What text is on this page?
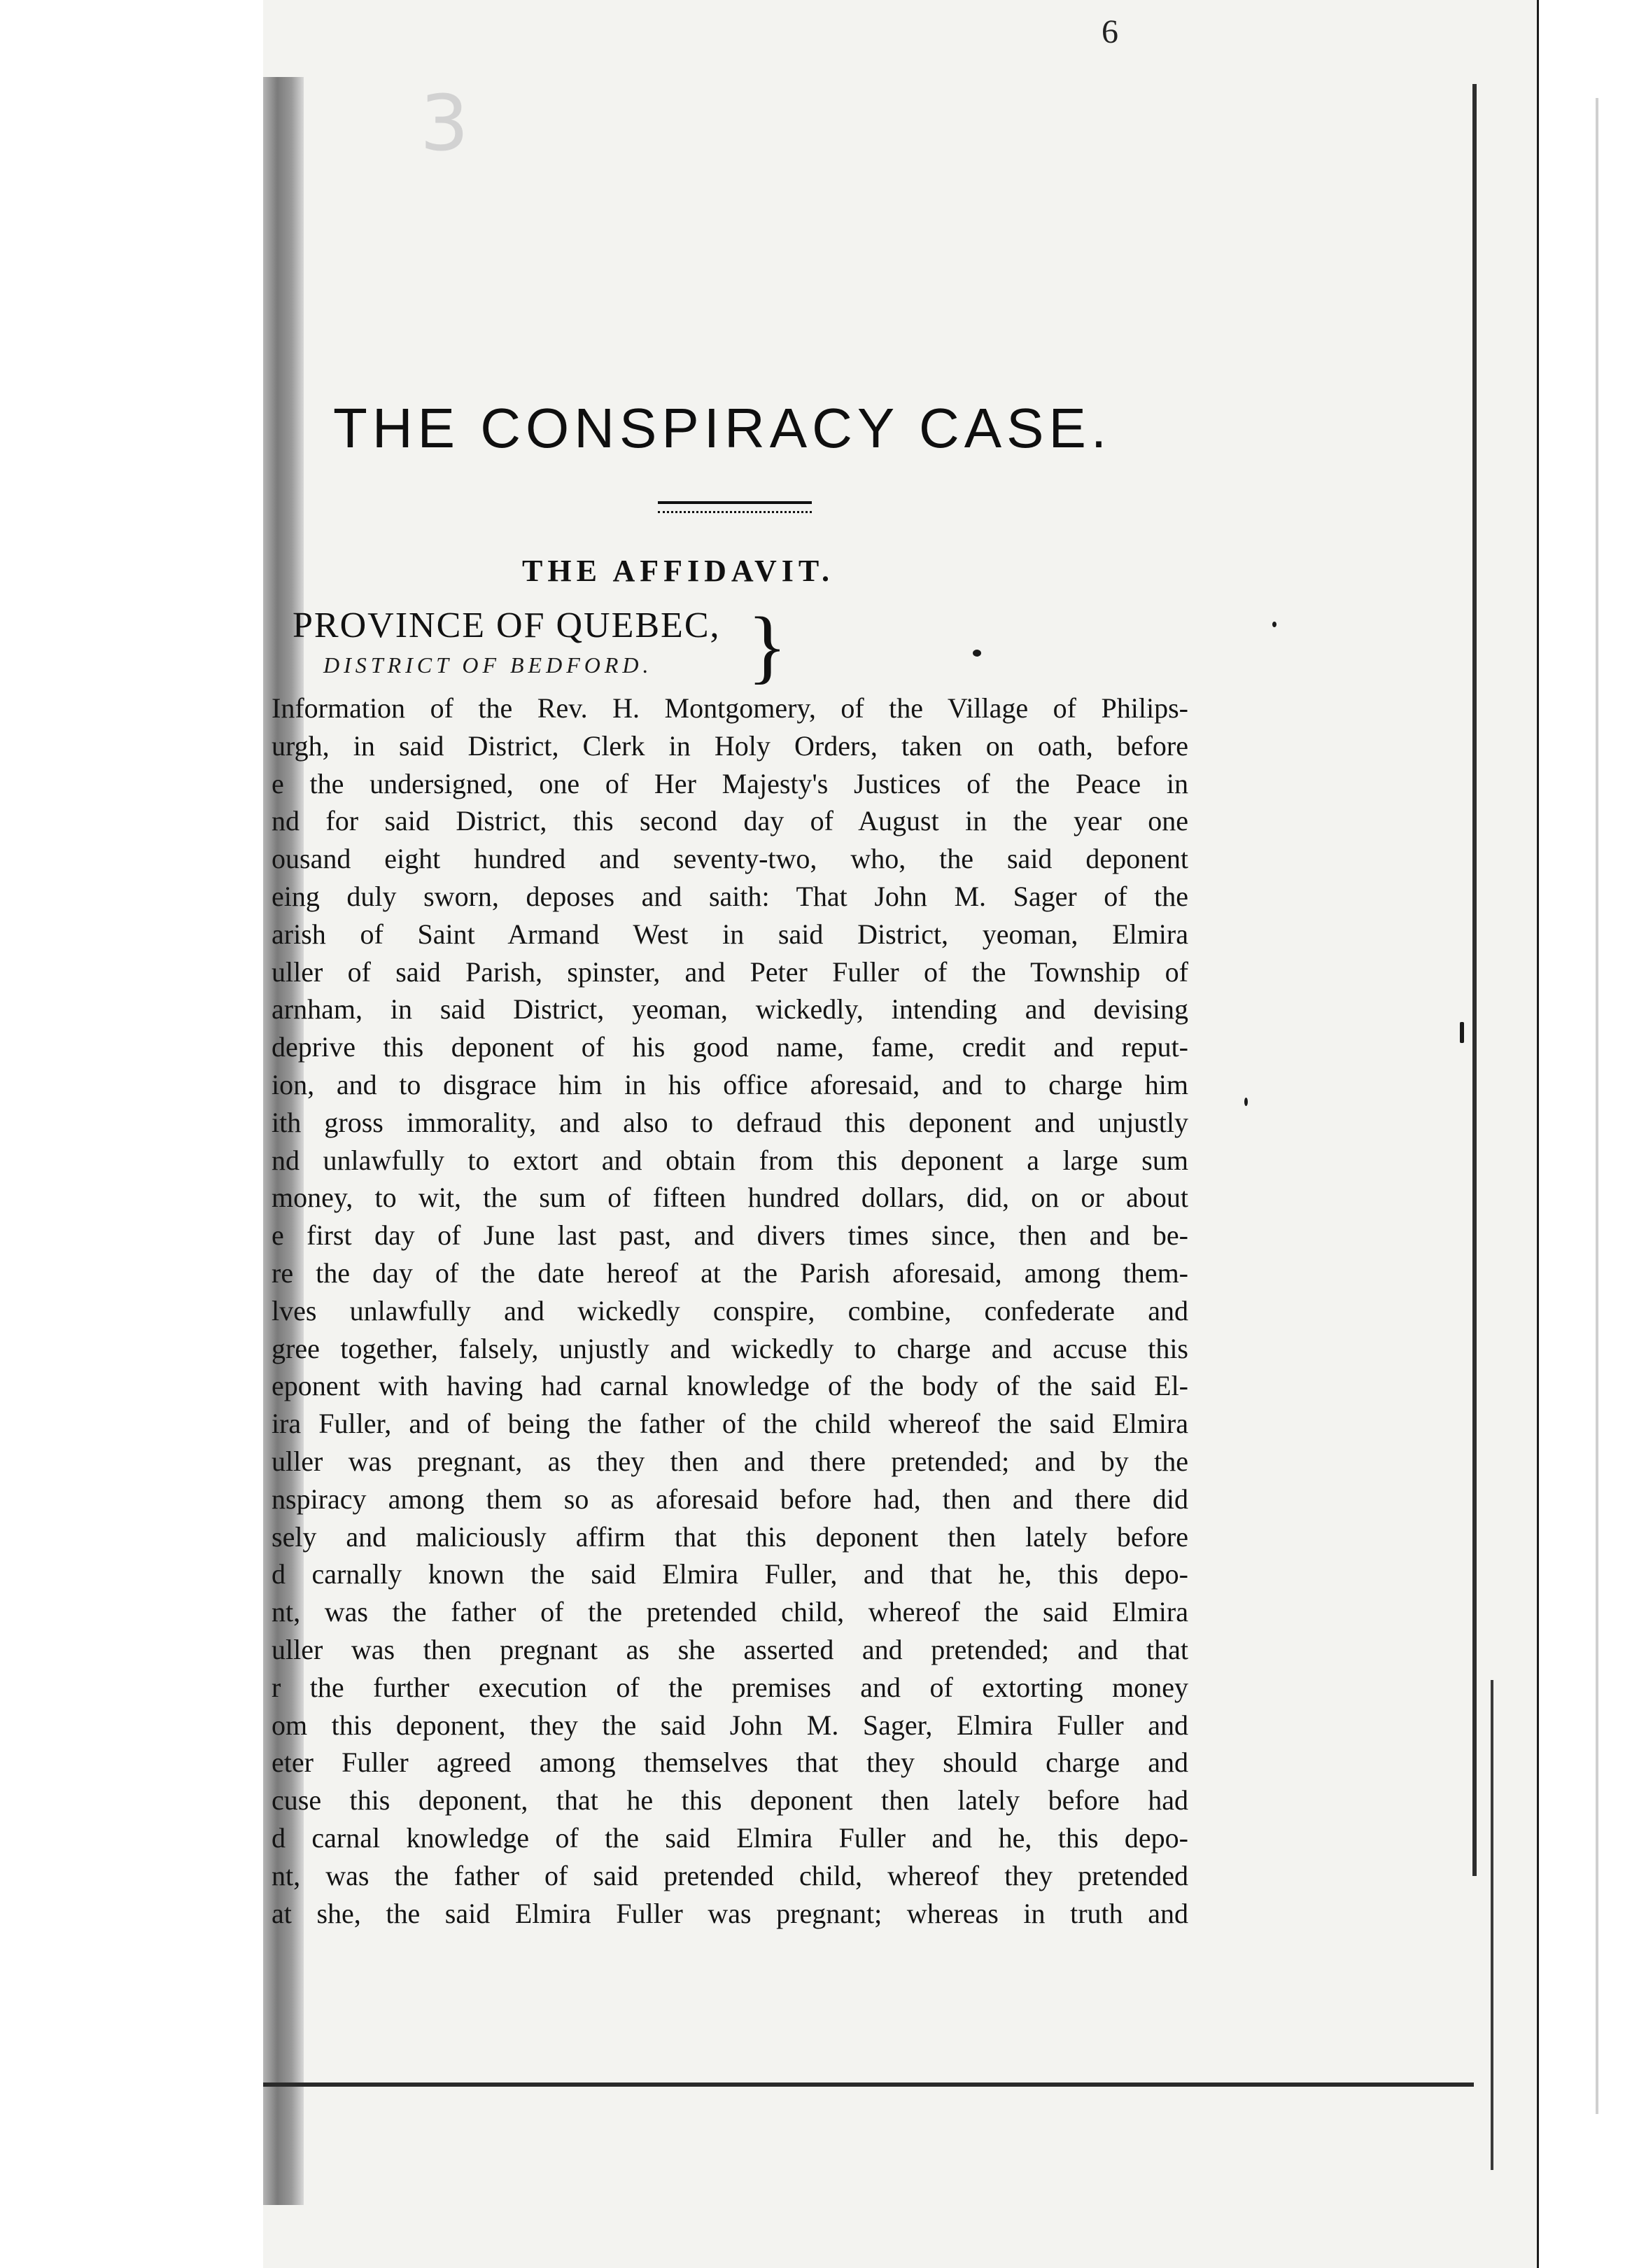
6
3
THE CONSPIRACY CASE.
THE AFFIDAVIT.
PROVINCE OF QUEBEC,
DISTRICT OF BEDFORD. }
Information of the Rev. H. Montgomery, of the Village of Philips-
urgh, in said District, Clerk in Holy Orders, taken on oath, before
e the undersigned, one of Her Majesty's Justices of the Peace in
nd for said District, this second day of August in the year one
ousand eight hundred and seventy-two, who, the said deponent
eing duly sworn, deposes and saith: That John M. Sager of the
arish of Saint Armand West in said District, yeoman, Elmira
uller of said Parish, spinster, and Peter Fuller of the Township of
arnham, in said District, yeoman, wickedly, intending and devising
deprive this deponent of his good name, fame, credit and reput-
ion, and to disgrace him in his office aforesaid, and to charge him
ith gross immorality, and also to defraud this deponent and unjustly
nd unlawfully to extort and obtain from this deponent a large sum
money, to wit, the sum of fifteen hundred dollars, did, on or about
e first day of June last past, and divers times since, then and be-
re the day of the date hereof at the Parish aforesaid, among them-
lves unlawfully and wickedly conspire, combine, confederate and
gree together, falsely, unjustly and wickedly to charge and accuse this
eponent with having had carnal knowledge of the body of the said El-
ira Fuller, and of being the father of the child whereof the said Elmira
uller was pregnant, as they then and there pretended; and by the
nspiracy among them so as aforesaid before had, then and there did
sely and maliciously affirm that this deponent then lately before
d carnally known the said Elmira Fuller, and that he, this depo-
nt, was the father of the pretended child, whereof the said Elmira
uller was then pregnant as she asserted and pretended; and that
r the further execution of the premises and of extorting money
om this deponent, they the said John M. Sager, Elmira Fuller and
eter Fuller agreed among themselves that they should charge and
cuse this deponent, that he this deponent then lately before had
d carnal knowledge of the said Elmira Fuller and he, this depo-
nt, was the father of said pretended child, whereof they pretended
at she, the said Elmira Fuller was pregnant; whereas in truth and
